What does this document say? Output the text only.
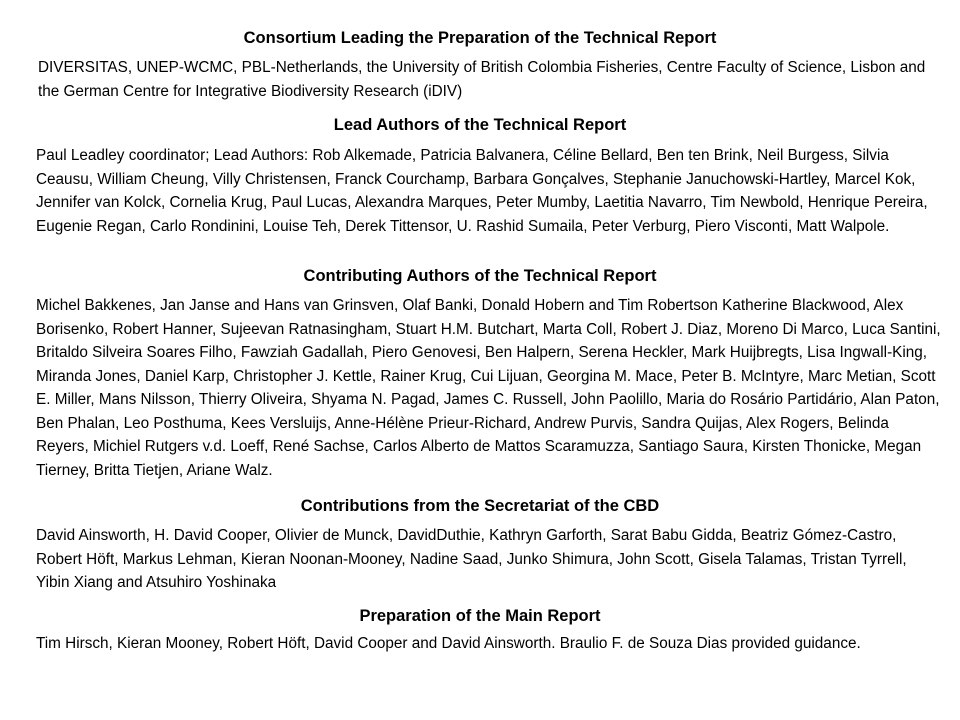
Consortium Leading the Preparation of the Technical Report

DIVERSITAS, UNEP-WCMC, PBL-Netherlands, the University of British Colombia Fisheries, Centre Faculty of Science, Lisbon and the German Centre for Integrative Biodiversity Research (iDIV)

Lead Authors of the Technical Report

Paul Leadley coordinator; Lead Authors: Rob Alkemade, Patricia Balvanera, Céline Bellard, Ben ten Brink, Neil Burgess, Silvia Ceausu, William Cheung, Villy Christensen, Franck Courchamp, Barbara Gonçalves, Stephanie Januchowski-Hartley, Marcel Kok, Jennifer van Kolck, Cornelia Krug, Paul Lucas, Alexandra Marques, Peter Mumby, Laetitia Navarro, Tim Newbold, Henrique Pereira, Eugenie Regan, Carlo Rondinini, Louise Teh, Derek Tittensor, U. Rashid Sumaila, Peter Verburg, Piero Visconti, Matt Walpole.

Contributing Authors of the Technical Report

Michel Bakkenes, Jan Janse and Hans van Grinsven, Olaf Banki, Donald Hobern and Tim Robertson Katherine Blackwood, Alex Borisenko, Robert Hanner, Sujeevan Ratnasingham, Stuart H.M. Butchart, Marta Coll, Robert J. Diaz, Moreno Di Marco, Luca Santini, Britaldo Silveira Soares Filho, Fawziah Gadallah, Piero Genovesi, Ben Halpern, Serena Heckler, Mark Huijbregts, Lisa Ingwall-King, Miranda Jones, Daniel Karp, Christopher J. Kettle, Rainer Krug, Cui Lijuan, Georgina M. Mace, Peter B. McIntyre, Marc Metian, Scott E. Miller, Mans Nilsson, Thierry Oliveira, Shyama N. Pagad, James C. Russell, John Paolillo, Maria do Rosário Partidário, Alan Paton, Ben Phalan, Leo Posthuma, Kees Versluijs, Anne-Hélène Prieur-Richard, Andrew Purvis, Sandra Quijas, Alex Rogers, Belinda Reyers, Michiel Rutgers v.d. Loeff, René Sachse, Carlos Alberto de Mattos Scaramuzza, Santiago Saura, Kirsten Thonicke, Megan Tierney, Britta Tietjen, Ariane Walz.

Contributions from the Secretariat of the CBD

David Ainsworth, H. David Cooper, Olivier de Munck, DavidDuthie, Kathryn Garforth, Sarat Babu Gidda, Beatriz Gómez-Castro, Robert Höft, Markus Lehman, Kieran Noonan-Mooney, Nadine Saad, Junko Shimura, John Scott, Gisela Talamas, Tristan Tyrrell, Yibin Xiang and Atsuhiro Yoshinaka

Preparation of the Main Report

Tim Hirsch, Kieran Mooney, Robert Höft, David Cooper and David Ainsworth. Braulio F. de Souza Dias provided guidance.
